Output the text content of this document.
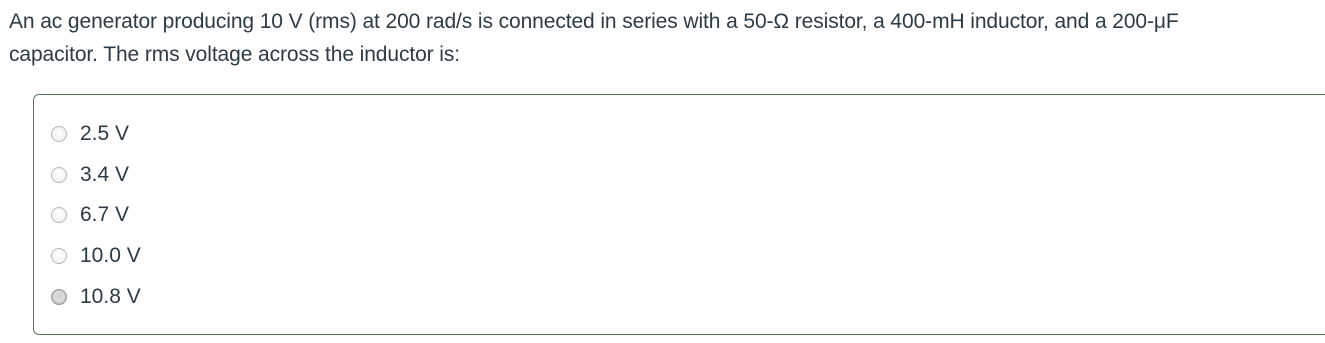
An ac generator producing 10 V (rms) at 200 rad/s is connected in series with a 50-Ω resistor, a 400-mH inductor, and a 200-μF
capacitor. The rms voltage across the inductor is:
2.5 V
3.4 V
6.7 V
10.0 V
10.8 V
